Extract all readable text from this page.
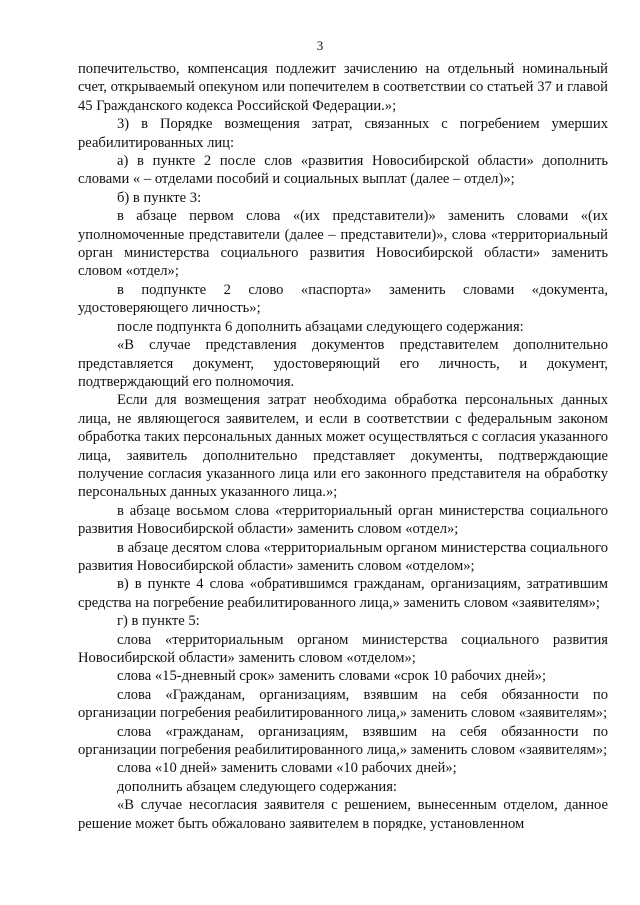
3

попечительство, компенсация подлежит зачислению на отдельный номинальный счет, открываемый опекуном или попечителем в соответствии со статьей 37 и главой 45 Гражданского кодекса Российской Федерации.»;

3) в Порядке возмещения затрат, связанных с погребением умерших реабилитированных лиц:

а) в пункте 2 после слов «развития Новосибирской области» дополнить словами « – отделами пособий и социальных выплат (далее – отдел)»;

б) в пункте 3:

в абзаце первом слова «(их представители)» заменить словами «(их уполномоченные представители (далее – представители)», слова «территориальный орган министерства социального развития Новосибирской области» заменить словом «отдел»;

в подпункте 2 слово «паспорта» заменить словами «документа, удостоверяющего личность»;

после подпункта 6 дополнить абзацами следующего содержания:

«В случае представления документов представителем дополнительно представляется документ, удостоверяющий его личность, и документ, подтверждающий его полномочия.

Если для возмещения затрат необходима обработка персональных данных лица, не являющегося заявителем, и если в соответствии с федеральным законом обработка таких персональных данных может осуществляться с согласия указанного лица, заявитель дополнительно представляет документы, подтверждающие получение согласия указанного лица или его законного представителя на обработку персональных данных указанного лица.»;

в абзаце восьмом слова «территориальный орган министерства социального развития Новосибирской области» заменить словом «отдел»;

в абзаце десятом слова «территориальным органом министерства социального развития Новосибирской области» заменить словом «отделом»;

в) в пункте 4 слова «обратившимся гражданам, организациям, затратившим средства на погребение реабилитированного лица,» заменить словом «заявителям»;

г) в пункте 5:

слова «территориальным органом министерства социального развития Новосибирской области» заменить словом «отделом»;

слова «15-дневный срок» заменить словами «срок 10 рабочих дней»;

слова «Гражданам, организациям, взявшим на себя обязанности по организации погребения реабилитированного лица,» заменить словом «заявителям»;

слова «гражданам, организациям, взявшим на себя обязанности по организации погребения реабилитированного лица,» заменить словом «заявителям»;

слова «10 дней» заменить словами «10 рабочих дней»;

дополнить абзацем следующего содержания:

«В случае несогласия заявителя с решением, вынесенным отделом, данное решение может быть обжаловано заявителем в порядке, установленном
